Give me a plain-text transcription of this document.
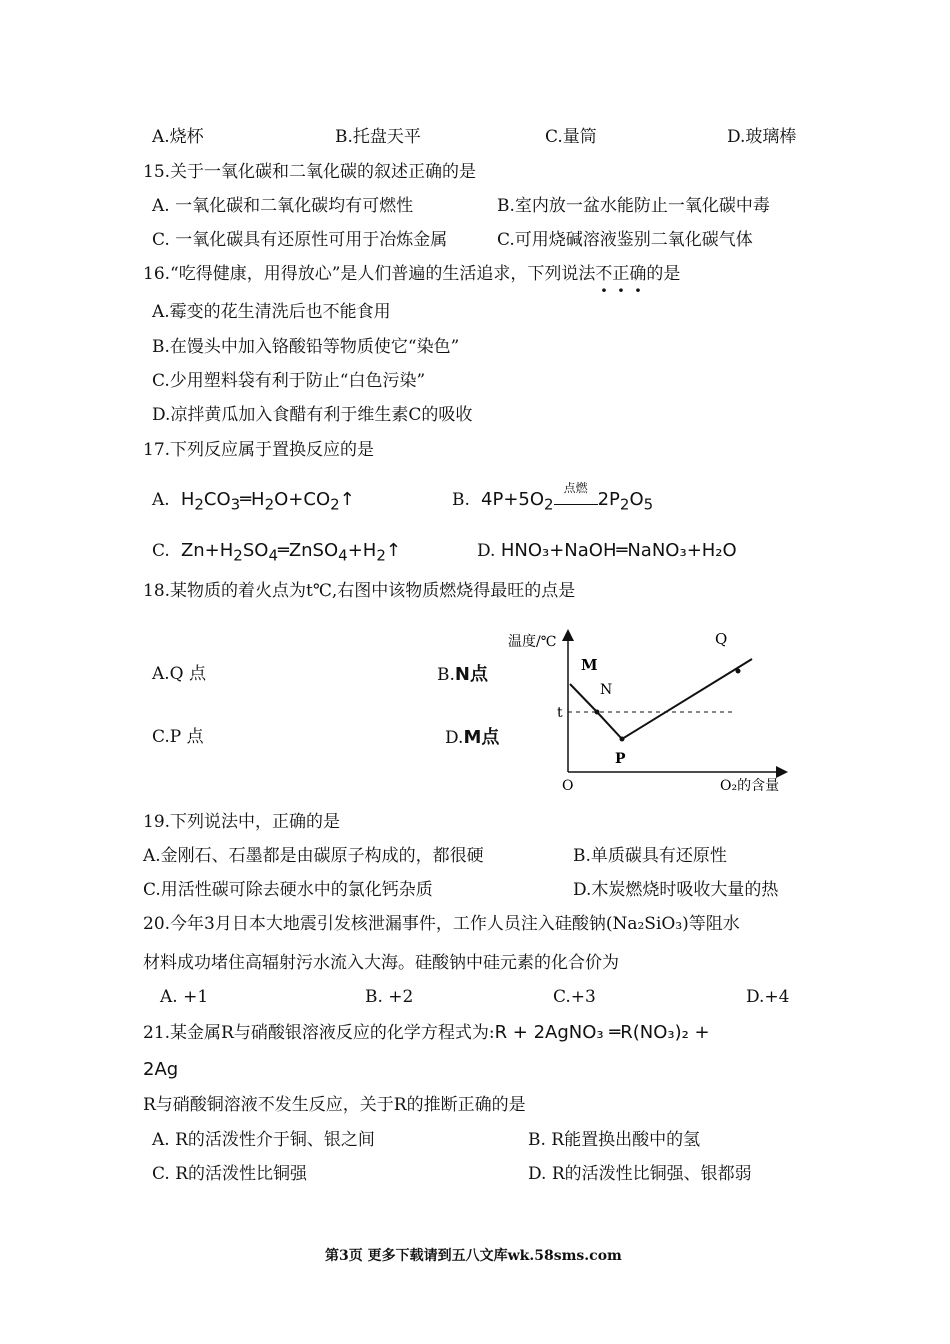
A.烧杯	B.托盘天平	C.量筒	D.玻璃棒
15.关于一氧化碳和二氧化碳的叙述正确的是
A. 一氧化碳和二氧化碳均有可燃性	B.室内放一盆水能防止一氧化碳中毒
C. 一氧化碳具有还原性可用于冶炼金属	C.可用烧碱溶液鉴别二氧化碳气体
16.“吃得健康，用得放心”是人们普遍的生活追求，下列说法不正确的是
A.霉变的花生清洗后也不能食用
B.在馒头中加入铬酸铅等物质使它“染色”
C.少用塑料袋有利于防止“白色污染”
D.凉拌黄瓜加入食醋有利于维生素C的吸收
17.下列反应属于置换反应的是
A.  $H_2CO_3═H_2O+CO_2↑$	B.  $4P+5O_2$
点燃
$2P_2O_5$
C.  $Zn+H_2SO_4═ZnSO_4+H_2↑$	D. HNO₃+NaOH═NaNO₃+H₂O
18.某物质的着火点为t℃,右图中该物质燃烧得最旺的点是
A.Q 点	B.N点
C.P 点	D.M点
温度/℃
O₂的含量
O
t
M
N
P
Q
19.下列说法中，正确的是
A.金刚石、石墨都是由碳原子构成的，都很硬	B.单质碳具有还原性
C.用活性碳可除去硬水中的氯化钙杂质	D.木炭燃烧时吸收大量的热
20.今年3月日本大地震引发核泄漏事件，工作人员注入硅酸钠(Na₂SiO₃)等阻水
材料成功堵住高辐射污水流入大海。硅酸钠中硅元素的化合价为
A. +1	B. +2	C.+3	D.+4
21.某金属R与硝酸银溶液反应的化学方程式为:R + 2AgNO₃ ═R(NO₃)₂ +
2Ag
R与硝酸铜溶液不发生反应，关于R的推断正确的是
A. R的活泼性介于铜、银之间	B. R能置换出酸中的氢
C. R的活泼性比铜强	D. R的活泼性比铜强、银都弱
第3页 更多下载请到五八文库wk.58sms.com
